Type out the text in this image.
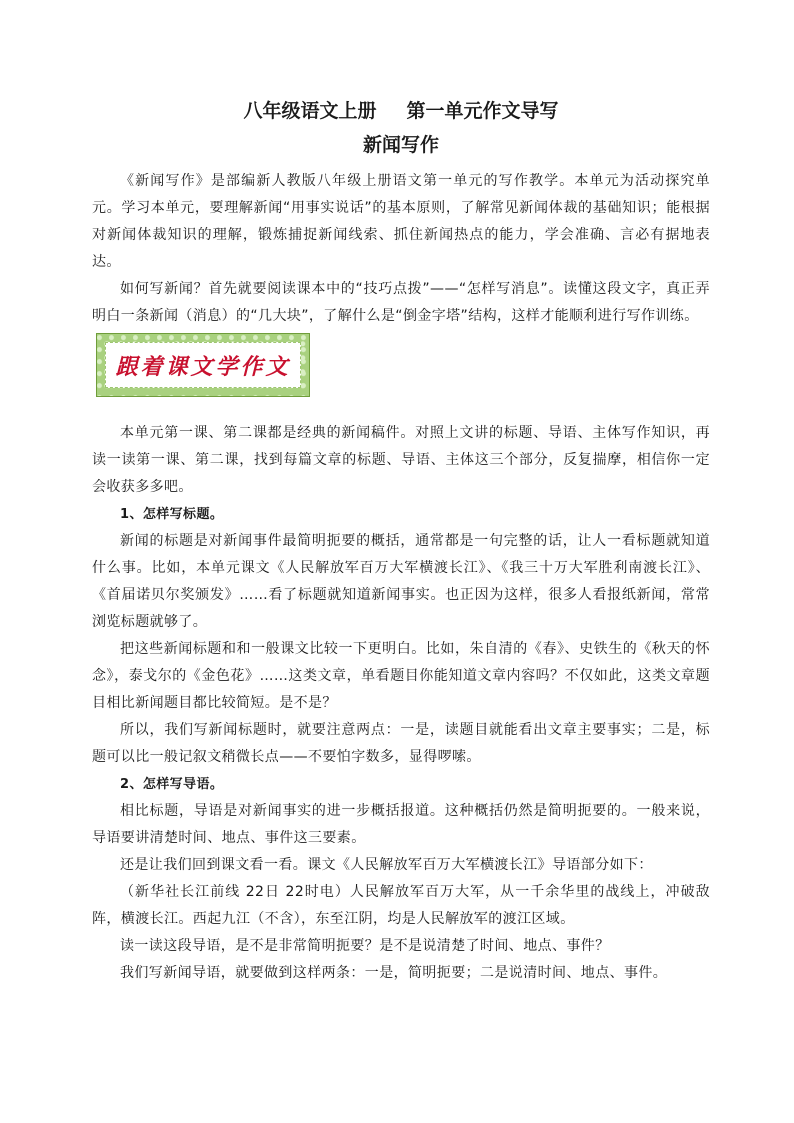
八年级语文上册 第一单元作文导写
新闻写作

《新闻写作》是部编新人教版八年级上册语文第一单元的写作教学。本单元为活动探究单元。学习本单元，要理解新闻“用事实说话”的基本原则，了解常见新闻体裁的基础知识；能根据对新闻体裁知识的理解，锻炼捕捉新闻线索、抓住新闻热点的能力，学会准确、言必有据地表达。

如何写新闻？首先就要阅读课本中的“技巧点拨”——“怎样写消息”。读懂这段文字，真正弄明白一条新闻（消息）的“几大块”，了解什么是“倒金字塔”结构，这样才能顺利进行写作训练。

跟着课文学作文

本单元第一课、第二课都是经典的新闻稿件。对照上文讲的标题、导语、主体写作知识，再读一读第一课、第二课，找到每篇文章的标题、导语、主体这三个部分，反复揣摩，相信你一定会收获多多吧。

1、怎样写标题。

新闻的标题是对新闻事件最简明扼要的概括，通常都是一句完整的话，让人一看标题就知道什么事。比如，本单元课文《人民解放军百万大军横渡长江》、《我三十万大军胜利南渡长江》、《首届诺贝尔奖颁发》……看了标题就知道新闻事实。也正因为这样，很多人看报纸新闻，常常浏览标题就够了。

把这些新闻标题和和一般课文比较一下更明白。比如，朱自清的《春》、史铁生的《秋天的怀念》，泰戈尔的《金色花》……这类文章，单看题目你能知道文章内容吗？不仅如此，这类文章题目相比新闻题目都比较简短。是不是？

所以，我们写新闻标题时，就要注意两点：一是，读题目就能看出文章主要事实；二是，标题可以比一般记叙文稍微长点——不要怕字数多，显得啰嗦。

2、怎样写导语。

相比标题，导语是对新闻事实的进一步概括报道。这种概括仍然是简明扼要的。一般来说，导语要讲清楚时间、地点、事件这三要素。

还是让我们回到课文看一看。课文《人民解放军百万大军横渡长江》导语部分如下：

（新华社长江前线 22日 22时电）人民解放军百万大军，从一千余华里的战线上，冲破敌阵，横渡长江。西起九江（不含），东至江阴，均是人民解放军的渡江区域。

读一读这段导语，是不是非常简明扼要？是不是说清楚了时间、地点、事件？

我们写新闻导语，就要做到这样两条：一是，简明扼要；二是说清时间、地点、事件。
